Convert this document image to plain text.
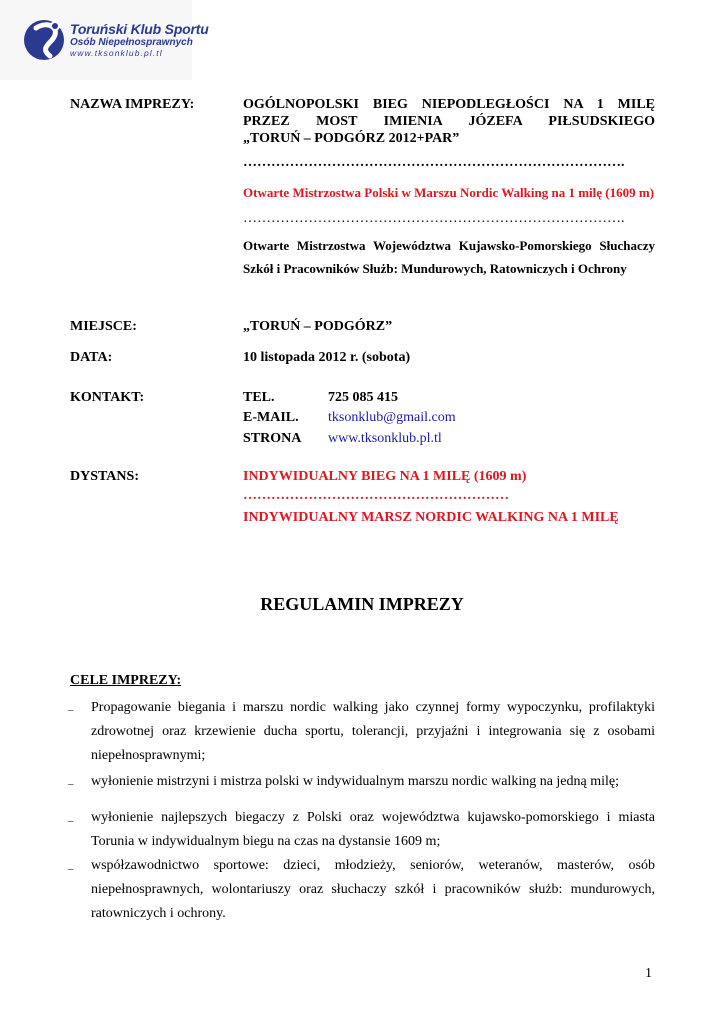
Toruński Klub Sportu
Osób Niepełnosprawnych
www.tksonklub.pl.tl
NAZWA IMPREZY:	OGÓLNOPOLSKI BIEG NIEPODLEGŁOŚCI NA 1 MILĘ
PRZEZ MOST IMIENIA JÓZEFA PIŁSUDSKIEGO
„TORUŃ – PODGÓRZ 2012+PAR”
……………………………………………………………………….
Otwarte Mistrzostwa Polski w Marszu Nordic Walking na 1 milę (1609 m)
……………………………………………………………………….
Otwarte Mistrzostwa Województwa Kujawsko-Pomorskiego Słuchaczy
Szkół i Pracowników Służb: Mundurowych, Ratowniczych i Ochrony
MIEJSCE:	„TORUŃ – PODGÓRZ”
DATA:	10 listopada 2012 r. (sobota)
KONTAKT:	TEL.	725 085 415
E-MAIL. tksonklub@gmail.com
STRONA www.tksonklub.pl.tl
DYSTANS:	INDYWIDUALNY BIEG NA 1 MILĘ (1609 m)
…………………………………………………
INDYWIDUALNY MARSZ NORDIC WALKING NA 1 MILĘ
REGULAMIN IMPREZY
CELE IMPREZY:
– Propagowanie biegania i marszu nordic walking jako czynnej formy wypoczynku, profilaktyki zdrowotnej oraz krzewienie ducha sportu, tolerancji, przyjaźni i integrowania się z osobami niepełnosprawnymi;
– wyłonienie mistrzyni i mistrza polski w indywidualnym marszu nordic walking na jedną milę;
– wyłonienie najlepszych biegaczy z Polski oraz województwa kujawsko-pomorskiego i miasta Torunia w indywidualnym biegu na czas na dystansie 1609 m;
– współzawodnictwo sportowe: dzieci, młodzieży, seniorów, weteranów, masterów, osób niepełnosprawnych, wolontariuszy oraz słuchaczy szkół i pracowników służb: mundurowych, ratowniczych i ochrony.
1
